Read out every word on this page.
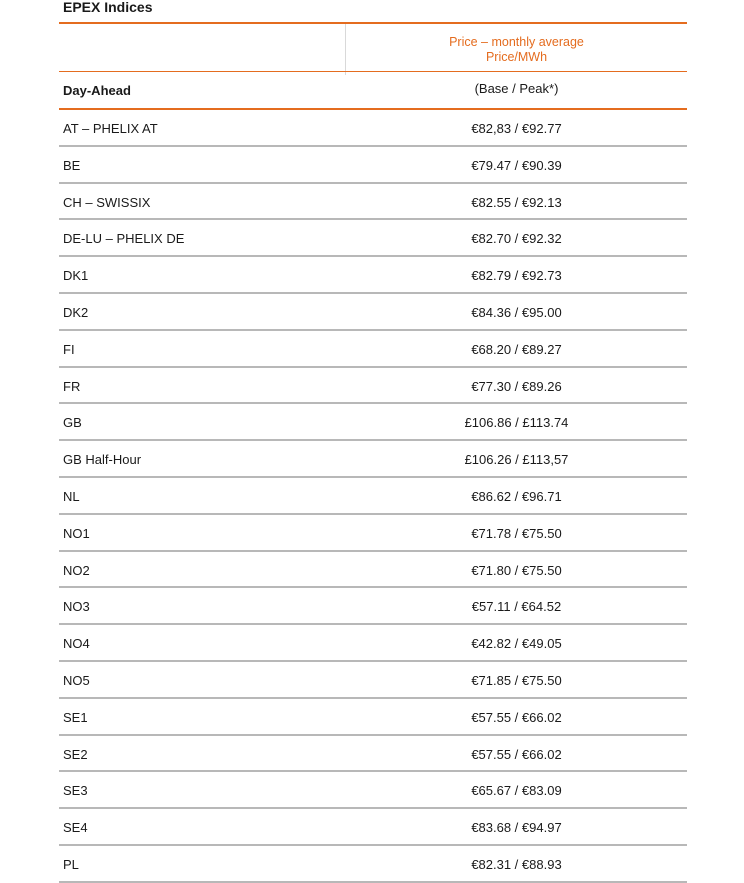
EPEX Indices
Price – monthly average
Price/MWh
Day-Ahead	(Base / Peak*)
AT – PHELIX AT	€82,83 / €92.77
BE	€79.47 / €90.39
CH – SWISSIX	€82.55 / €92.13
DE-LU – PHELIX DE	€82.70 / €92.32
DK1	€82.79 / €92.73
DK2	€84.36 / €95.00
FI	€68.20 / €89.27
FR	€77.30 / €89.26
GB	£106.86 / £113.74
GB Half-Hour	£106.26 / £113,57
NL	€86.62 / €96.71
NO1	€71.78 / €75.50
NO2	€71.80 / €75.50
NO3	€57.11 / €64.52
NO4	€42.82 / €49.05
NO5	€71.85 / €75.50
SE1	€57.55 / €66.02
SE2	€57.55 / €66.02
SE3	€65.67 / €83.09
SE4	€83.68 / €94.97
PL	€82.31 / €88.93
